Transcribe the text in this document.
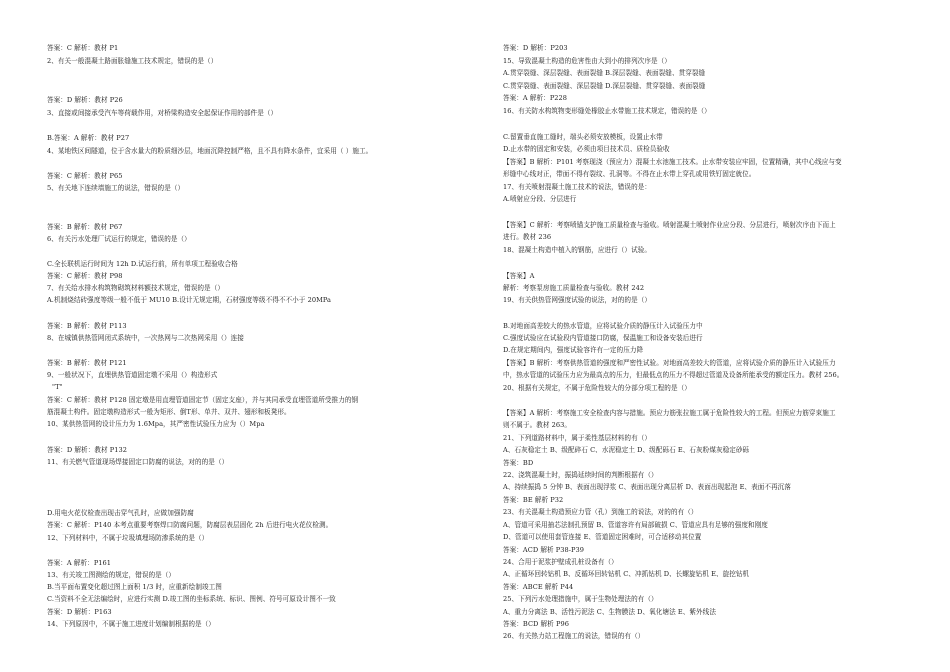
答案：C 解析：教材 P1
2、有关一般混凝土路面胀缝施工技术规定，错误的是（）
答案：D 解析：教材 P26
3、直接或间接承受汽车等荷载作用，对桥梁构造安全起保证作用的部件是（）
B.答案：A 解析：教材 P27
4、某地铁区间隧道，位于含水量大的粉质细沙层，地面沉降控制严格，且不具有降水条件，宜采用（ ）施工。
答案：C 解析：教材 P65
5、有关地下连续墙施工的说法，错误的是（）
答案：B 解析：教材 P67
6、有关污水处理厂试运行的规定，错误的是（）
C.全长联机运行时间为 12h D.试运行前，所有单项工程验收合格
答案：C 解析：教材 P98
7、有关给水排水构筑物砌筑材料额技术规定，错误的是（）
A.机制烧结砖强度等级一般不低于 MU10 B.设计无规定期，石材强度等级不得不不小于 20MPa
答案：B 解析：教材 P113
8、在城镇供热管网闭式系统中，一次热网与二次热网采用（）连接
答案：B 解析：教材 P121
9、一般状况下，直埋供热管道固定墩不采用（）构造形式
"T"
答案：C 解析：教材 P128 固定墩是用直埋管道固定节（固定支座），并与其同承受直埋管道所受推力的钢
筋混凝土构件。固定墩构造形式一般为矩形、倒T形、单井、双井、翅形和板凳形。
10、某供热管网的设计压力为 1.6Mpa，其严密性试验压力应为（）Mpa
答案：D 解析：教材 P132
11、有关燃气管道现场焊接固定口防腐的说法，对的的是（）
D.用电火花仪检查出现击穿气孔时，应做加强防腐
答案：C 解析：P140 本考点重要考察焊口防腐问题，防腐层表层固化 2h 后进行电火花仪检测。
12、下列材料中，不属于垃圾填埋场防渗系统的是（）
答案：A 解析：P161
13、有关竣工图测绘的规定，错误的是（）
B.当平面布置变化超过图上面积 1/3 时，应重新绘制竣工图
C.当资料不全无法编绘时，应进行实测 D.竣工图的坐标系统、标识、图例、符号可原设计图不一致
答案：D 解析：P163
14、下列原因中，不属于施工进度计划编制根据的是（）
答案：D 解析：P203
15、导致混凝土构造的危害性由大到小的排列次序是（）
A.贯穿裂缝、深层裂缝、表面裂缝 B.深层裂缝、表面裂缝、贯穿裂缝
C.贯穿裂缝、表面裂缝、深层裂缝 D.深层裂缝、贯穿裂缝、表面裂缝
答案：A 解析：P228
16、有关防水构筑物变形缝处橡胶止水带施工技术规定，错误的是（）
C.留置垂直施工缝时，端头必须安放模板，设置止水带
D.止水带的固定和安装，必须由项目技术员、质检员验收
【答案】B 解析：P101 考察现浇（预应力）混凝土水池施工技术。止水带安装应牢固，位置精确，其中心线应与变
形缝中心线对正，带面不得有裂纹、孔洞等。不得在止水带上穿孔或用铁钉固定就位。
17、有关喷射混凝土施工技术的说法，错误的是：
A.喷射应分段、分层进行
【答案】C 解析：考察喷锚支护施工质量检查与验收。喷射混凝土喷射作业应分段、分层进行，喷射次序由下而上
进行。教材 236
18、混凝土构造中植入的钢筋，应进行（）试验。
【答案】A
解析：考察泵房施工质量检查与验收。教材 242
19、有关供热管网强度试验的说法，对的的是（）
B.对地面高差较大的热水管道，应将试验介质的静压计入试验压力中
C.强度试验应在试验段内管道接口防腐，保温施工和设备安装后进行
D.在规定期间内，强度试验容许有一定的压力降
【答案】B 解析：考察供热管道的强度和严密性试验。对地面高差较大的管道，应将试验介质的静压计入试验压力
中，热水管道的试验压力应为最高点的压力，但最低点的压力不得超过管道及设备所能承受的额定压力。教材 256。
20、根据有关规定，不属于危险性较大的分部分项工程的是（）
【答案】A 解析：考察施工安全检查内容与措施。预应力筋张拉施工属于危险性较大的工程。但预应力筋穿束施工
则不属于。教材 263。
21、下列道路材料中，属于柔性基层材料的有（）
A、石灰稳定土 B、级配碎石 C、水泥稳定土 D、级配砾石 E、石灰粉煤灰稳定砂砾
答案：BD
22、浇筑混凝土时，振捣延续时间的判断根据有（）
A、持续振捣 5 分钟 B、表面出现浮浆 C、表面出现分离层析 D、表面出现起泡 E、表面不再沉落
答案：BE 解析 P32
23、有关混凝土构造预应力管（孔）到施工的说法，对的的有（）
A、管道可采用抽芯法制孔预留 B、管道容许有局部破损 C、管道应具有足够的强度和刚度
D、管道可以使用套管连接 E、管道固定困难时，可合适移动其位置
答案：ACD 解析 P38-P39
24、合用于泥浆护壁成孔桩设备有（）
A、正循环回转钻机 B、反循环回转钻机 C、冲抓钻机 D、长螺旋钻机 E、旋挖钻机
答案：ABCE 解析 P44
25、下列污水处理措施中，属于生物处理法的有（）
A、重力分离法 B、活性污泥法 C、生物膜法 D、氧化塘法 E、紫外线法
答案：BCD 解析 P96
26、有关热力站工程施工的说法，错误的有（）
